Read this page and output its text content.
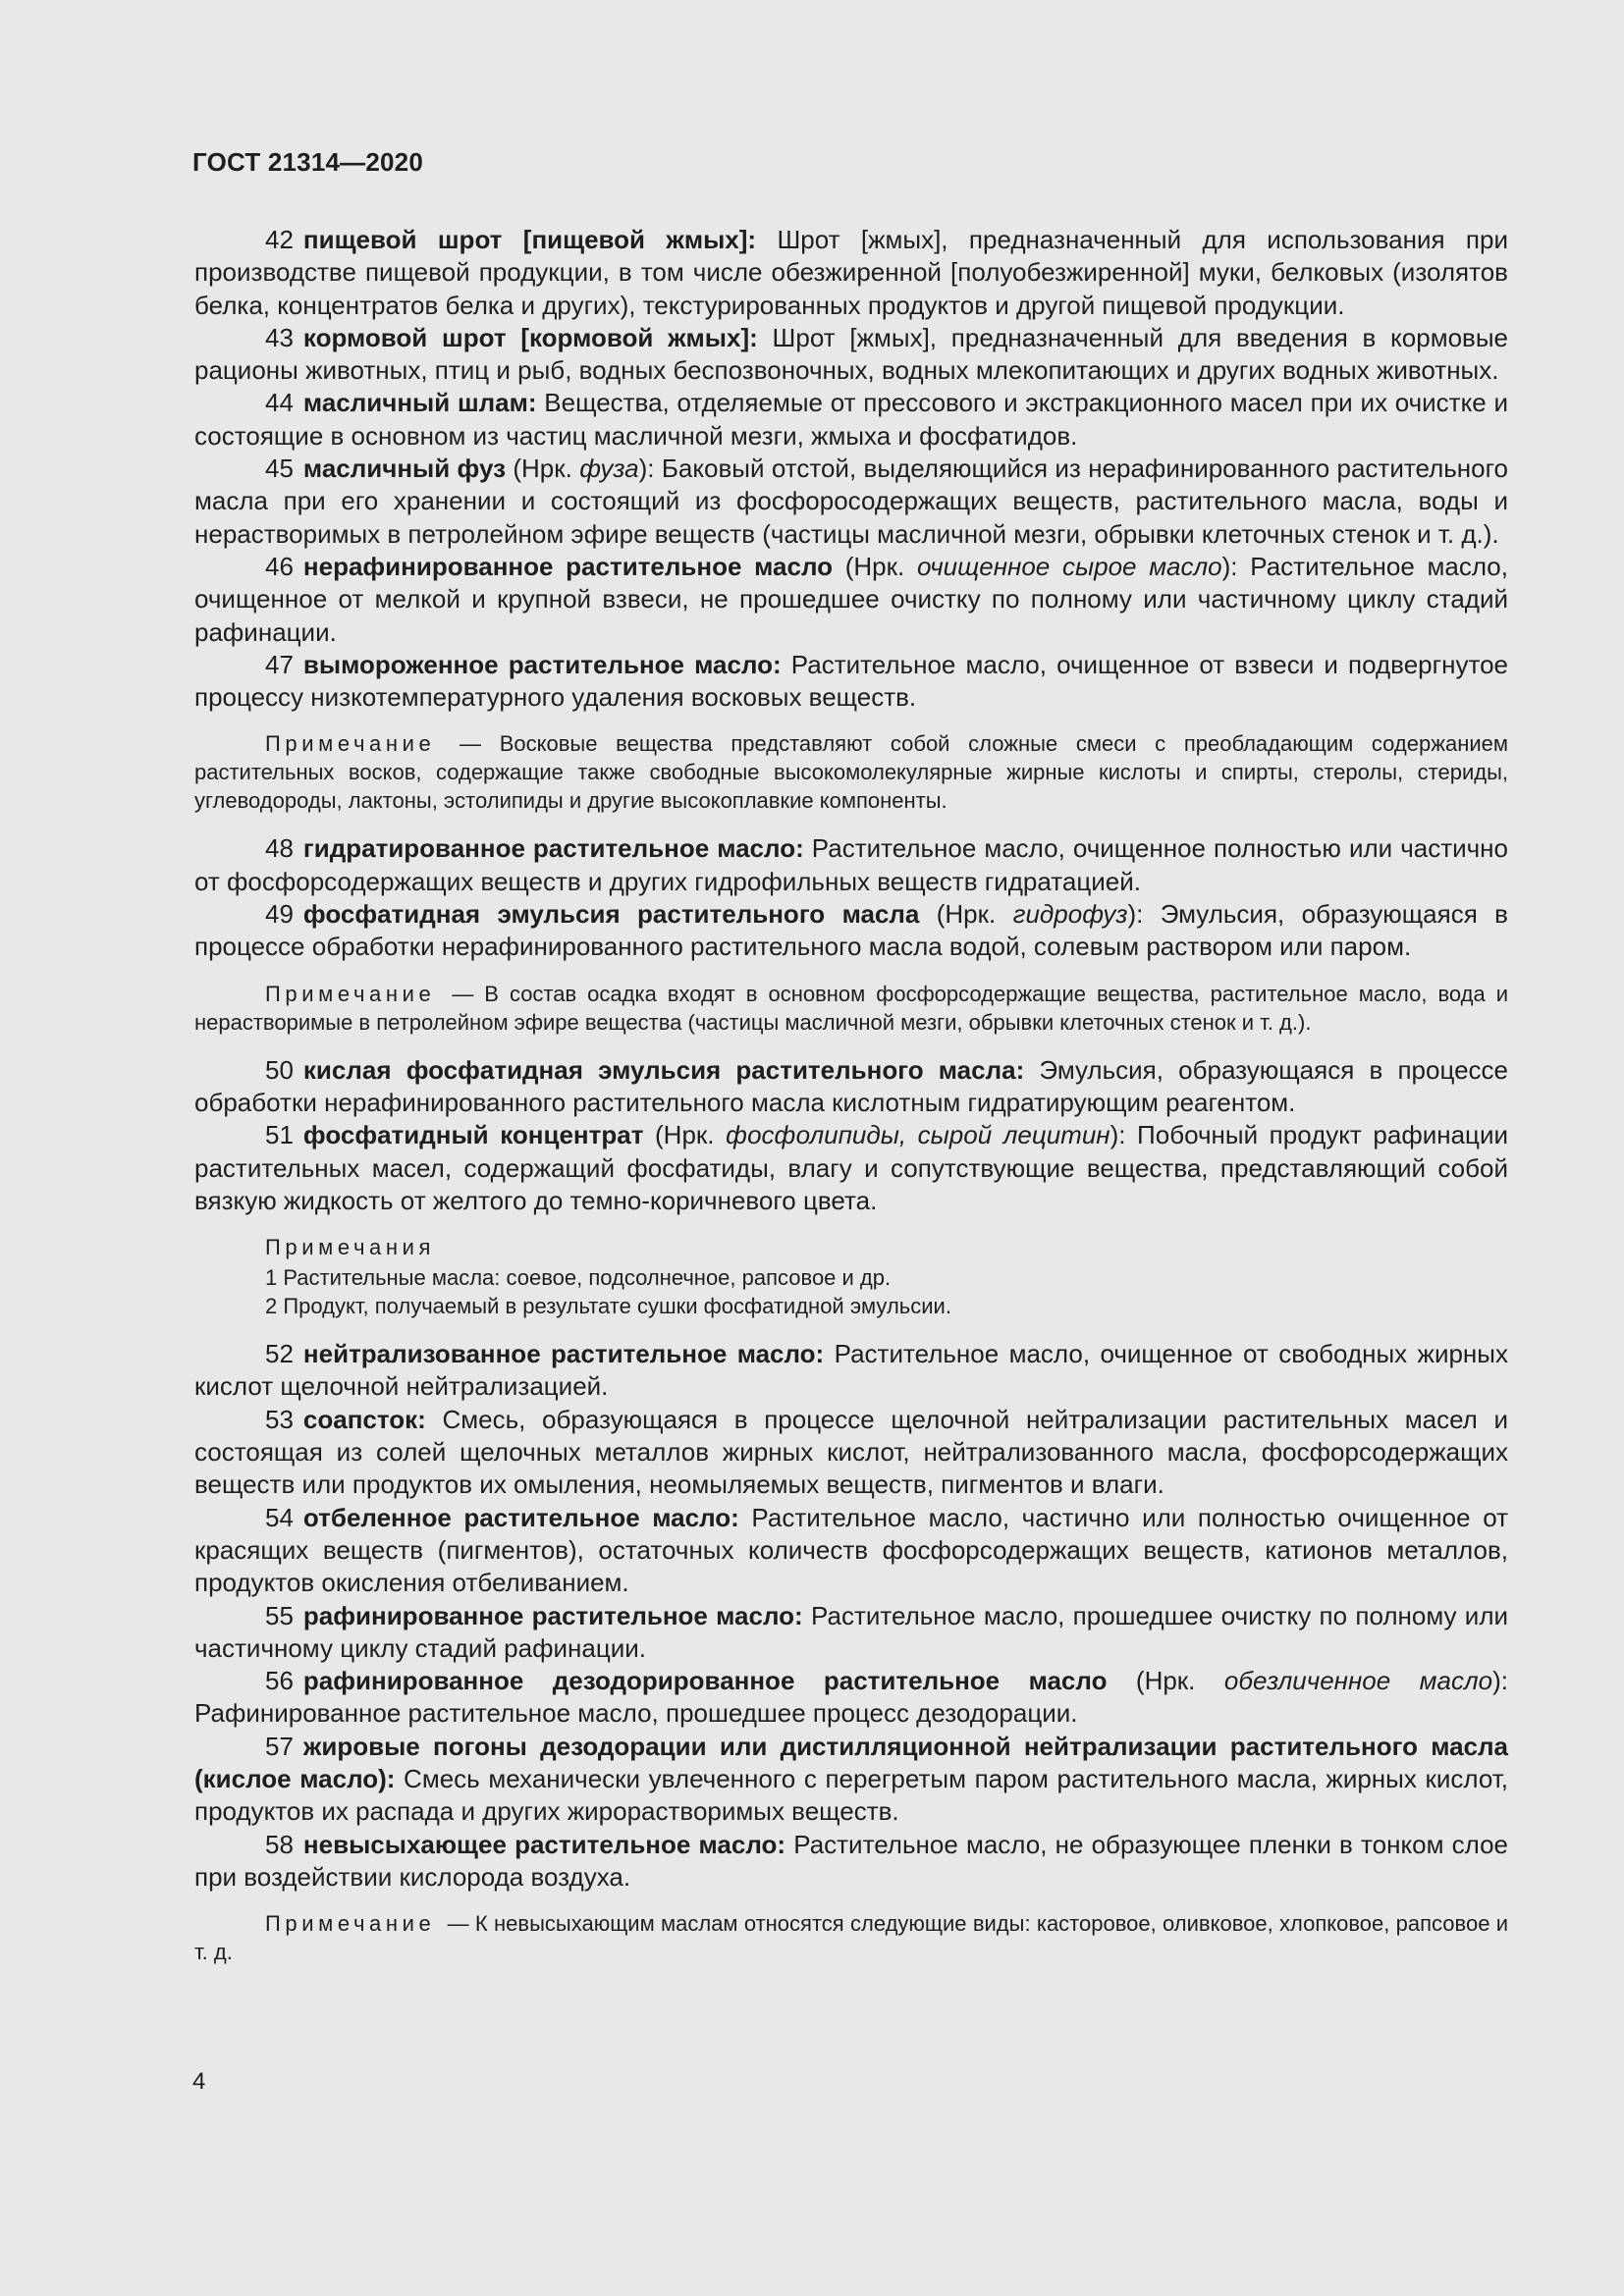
ГОСТ 21314—2020

42 пищевой шрот [пищевой жмых]: Шрот [жмых], предназначенный для использования при производстве пищевой продукции, в том числе обезжиренной [полуобезжиренной] муки, белковых (изолятов белка, концентратов белка и других), текстурированных продуктов и другой пищевой продукции.

43 кормовой шрот [кормовой жмых]: Шрот [жмых], предназначенный для введения в кормовые рационы животных, птиц и рыб, водных беспозвоночных, водных млекопитающих и других водных животных.

44 масличный шлам: Вещества, отделяемые от прессового и экстракционного масел при их очистке и состоящие в основном из частиц масличной мезги, жмыха и фосфатидов.

45 масличный фуз (Нрк. фуза): Баковый отстой, выделяющийся из нерафинированного растительного масла при его хранении и состоящий из фосфоросодержащих веществ, растительного масла, воды и нерастворимых в петролейном эфире веществ (частицы масличной мезги, обрывки клеточных стенок и т. д.).

46 нерафинированное растительное масло (Нрк. очищенное сырое масло): Растительное масло, очищенное от мелкой и крупной взвеси, не прошедшее очистку по полному или частичному циклу стадий рафинации.

47 вымороженное растительное масло: Растительное масло, очищенное от взвеси и подвергнутое процессу низкотемпературного удаления восковых веществ.

Примечание — Восковые вещества представляют собой сложные смеси с преобладающим содержанием растительных восков, содержащие также свободные высокомолекулярные жирные кислоты и спирты, стеролы, стериды, углеводороды, лактоны, эстолипиды и другие высокоплавкие компоненты.

48 гидратированное растительное масло: Растительное масло, очищенное полностью или частично от фосфорсодержащих веществ и других гидрофильных веществ гидратацией.

49 фосфатидная эмульсия растительного масла (Нрк. гидрофуз): Эмульсия, образующаяся в процессе обработки нерафинированного растительного масла водой, солевым раствором или паром.

Примечание — В состав осадка входят в основном фосфорсодержащие вещества, растительное масло, вода и нерастворимые в петролейном эфире вещества (частицы масличной мезги, обрывки клеточных стенок и т. д.).

50 кислая фосфатидная эмульсия растительного масла: Эмульсия, образующаяся в процессе обработки нерафинированного растительного масла кислотным гидратирующим реагентом.

51 фосфатидный концентрат (Нрк. фосфолипиды, сырой лецитин): Побочный продукт рафинации растительных масел, содержащий фосфатиды, влагу и сопутствующие вещества, представляющий собой вязкую жидкость от желтого до темно-коричневого цвета.

Примечания
1 Растительные масла: соевое, подсолнечное, рапсовое и др.
2 Продукт, получаемый в результате сушки фосфатидной эмульсии.

52 нейтрализованное растительное масло: Растительное масло, очищенное от свободных жирных кислот щелочной нейтрализацией.

53 соапсток: Смесь, образующаяся в процессе щелочной нейтрализации растительных масел и состоящая из солей щелочных металлов жирных кислот, нейтрализованного масла, фосфорсодержащих веществ или продуктов их омыления, неомыляемых веществ, пигментов и влаги.

54 отбеленное растительное масло: Растительное масло, частично или полностью очищенное от красящих веществ (пигментов), остаточных количеств фосфорсодержащих веществ, катионов металлов, продуктов окисления отбеливанием.

55 рафинированное растительное масло: Растительное масло, прошедшее очистку по полному или частичному циклу стадий рафинации.

56 рафинированное дезодорированное растительное масло (Нрк. обезличенное масло): Рафинированное растительное масло, прошедшее процесс дезодорации.

57 жировые погоны дезодорации или дистилляционной нейтрализации растительного масла (кислое масло): Смесь механически увлеченного с перегретым паром растительного масла, жирных кислот, продуктов их распада и других жирорастворимых веществ.

58 невысыхающее растительное масло: Растительное масло, не образующее пленки в тонком слое при воздействии кислорода воздуха.

Примечание — К невысыхающим маслам относятся следующие виды: касторовое, оливковое, хлопковое, рапсовое и т. д.

4
